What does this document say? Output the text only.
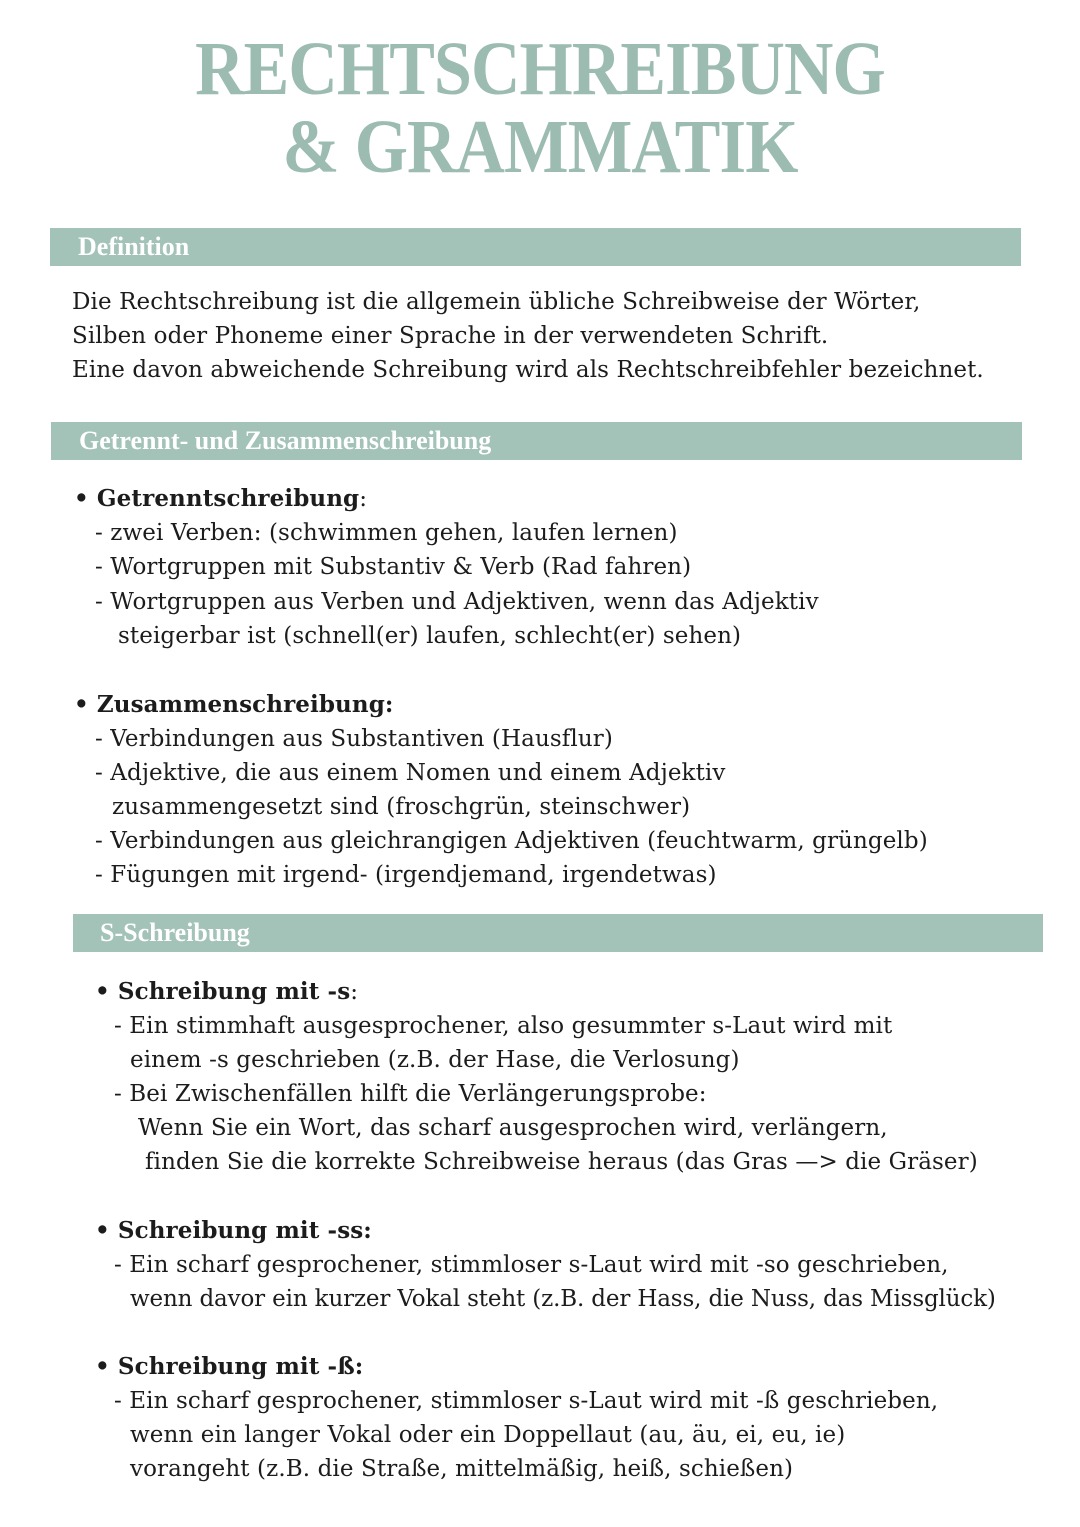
RECHTSCHREIBUNG
& GRAMMATIK
Definition
Die Rechtschreibung ist die allgemein übliche Schreibweise der Wörter,
Silben oder Phoneme einer Sprache in der verwendeten Schrift.
Eine davon abweichende Schreibung wird als Rechtschreibfehler bezeichnet.
Getrennt- und Zusammenschreibung
• Getrenntschreibung:
- zwei Verben: (schwimmen gehen, laufen lernen)
- Wortgruppen mit Substantiv & Verb (Rad fahren)
- Wortgruppen aus Verben und Adjektiven, wenn das Adjektiv
steigerbar ist (schnell(er) laufen, schlecht(er) sehen)
• Zusammenschreibung:
- Verbindungen aus Substantiven (Hausflur)
- Adjektive, die aus einem Nomen und einem Adjektiv
zusammengesetzt sind (froschgrün, steinschwer)
- Verbindungen aus gleichrangigen Adjektiven (feuchtwarm, grüngelb)
- Fügungen mit irgend- (irgendjemand, irgendetwas)
S-Schreibung
• Schreibung mit -s:
- Ein stimmhaft ausgesprochener, also gesummter s-Laut wird mit
einem -s geschrieben (z.B. der Hase, die Verlosung)
- Bei Zwischenfällen hilft die Verlängerungsprobe:
Wenn Sie ein Wort, das scharf ausgesprochen wird, verlängern,
finden Sie die korrekte Schreibweise heraus (das Gras —> die Gräser)
• Schreibung mit -ss:
- Ein scharf gesprochener, stimmloser s-Laut wird mit -so geschrieben,
wenn davor ein kurzer Vokal steht (z.B. der Hass, die Nuss, das Missglück)
• Schreibung mit -ß:
- Ein scharf gesprochener, stimmloser s-Laut wird mit -ß geschrieben,
wenn ein langer Vokal oder ein Doppellaut (au, äu, ei, eu, ie)
vorangeht (z.B. die Straße, mittelmäßig, heiß, schießen)
